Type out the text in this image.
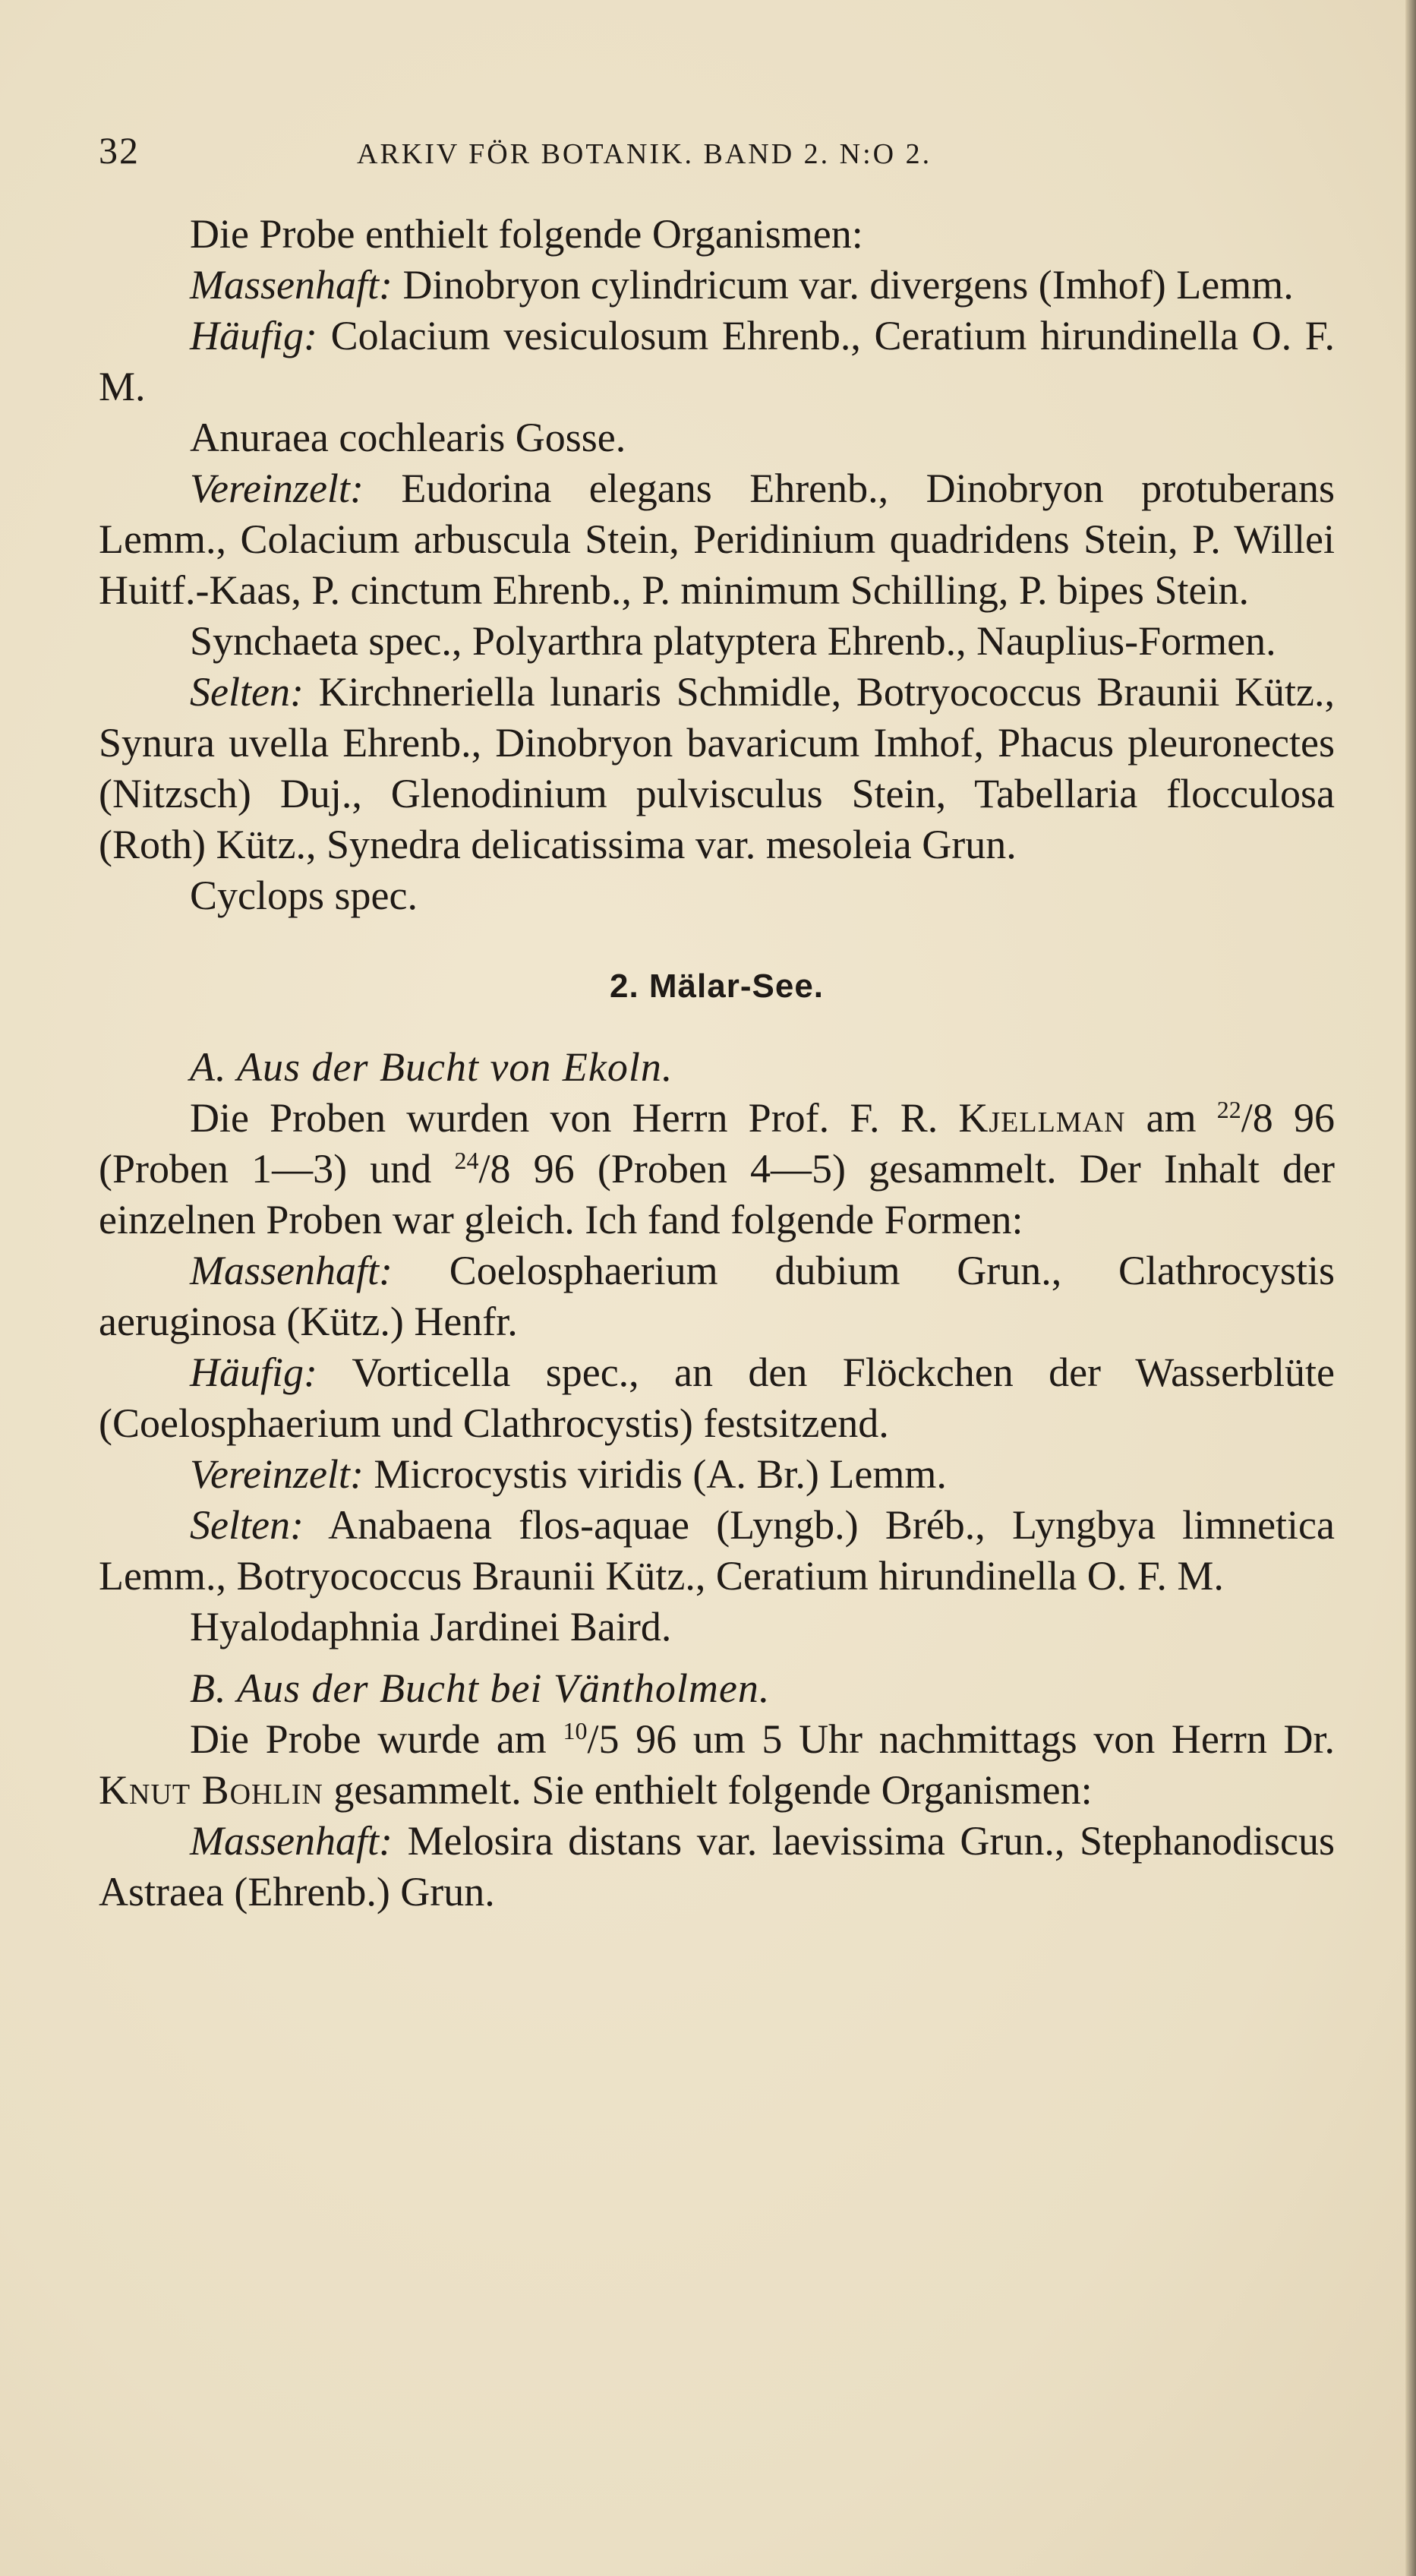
32	ARKIV FÖR BOTANIK. BAND 2. N:O 2.

Die Probe enthielt folgende Organismen:

Massenhaft: Dinobryon cylindricum var. divergens (Imhof) Lemm.

Häufig: Colacium vesiculosum Ehrenb., Ceratium hirundinella O. F. M.

Anuraea cochlearis Gosse.

Vereinzelt: Eudorina elegans Ehrenb., Dinobryon protuberans Lemm., Colacium arbuscula Stein, Peridinium quadridens Stein, P. Willei Huitf.-Kaas, P. cinctum Ehrenb., P. minimum Schilling, P. bipes Stein.

Synchaeta spec., Polyarthra platyptera Ehrenb., Nauplius-Formen.

Selten: Kirchneriella lunaris Schmidle, Botryococcus Braunii Kütz., Synura uvella Ehrenb., Dinobryon bavaricum Imhof, Phacus pleuronectes (Nitzsch) Duj., Glenodinium pulvisculus Stein, Tabellaria flocculosa (Roth) Kütz., Synedra delicatissima var. mesoleia Grun.

Cyclops spec.

2. Mälar-See.

A. Aus der Bucht von Ekoln.

Die Proben wurden von Herrn Prof. F. R. Kjellman am $^{22}$/8 96 (Proben 1—3) und $^{24}$/8 96 (Proben 4—5) gesammelt. Der Inhalt der einzelnen Proben war gleich. Ich fand folgende Formen:

Massenhaft: Coelosphaerium dubium Grun., Clathrocystis aeruginosa (Kütz.) Henfr.

Häufig: Vorticella spec., an den Flöckchen der Wasserblüte (Coelosphaerium und Clathrocystis) festsitzend.

Vereinzelt: Microcystis viridis (A. Br.) Lemm.

Selten: Anabaena flos-aquae (Lyngb.) Bréb., Lyngbya limnetica Lemm., Botryococcus Braunii Kütz., Ceratium hirundinella O. F. M.

Hyalodaphnia Jardinei Baird.

B. Aus der Bucht bei Väntholmen.

Die Probe wurde am $^{10}$/5 96 um 5 Uhr nachmittags von Herrn Dr. Knut Bohlin gesammelt. Sie enthielt folgende Organismen:

Massenhaft: Melosira distans var. laevissima Grun., Stephanodiscus Astraea (Ehrenb.) Grun.
